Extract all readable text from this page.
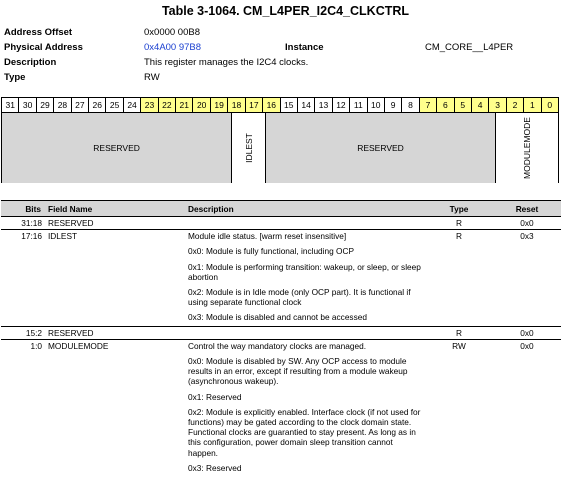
Table 3-1064. CM_L4PER_I2C4_CLKCTRL
Address Offset	0x0000 00B8
Physical Address	0x4A00 97B8	Instance	CM_CORE__L4PER
Description	This register manages the I2C4 clocks.
Type	RW
31 30 29 28 27 26 25 24 23 22 21 20 19 18 17 16 15 14 13 12 11 10	9	8	7	6	5	4	3	2	1	0
RESERVED	IDLEST	RESERVED	MODULEMODE
Bits	Field Name	Description	Type	Reset
31:18	RESERVED		R	0x0
17:16	IDLEST	Module idle status. [warm reset insensitive]

0x0: Module is fully functional, including OCP

0x1: Module is performing transition: wakeup, or sleep, or sleep abortion

0x2: Module is in Idle mode (only OCP part). It is functional if using separate functional clock

0x3: Module is disabled and cannot be accessed	R	0x3
15:2	RESERVED		R	0x0
1:0	MODULEMODE	Control the way mandatory clocks are managed.

0x0: Module is disabled by SW. Any OCP access to module results in an error, except if resulting from a module wakeup (asynchronous wakeup).

0x1: Reserved

0x2: Module is explicitly enabled. Interface clock (if not used for functions) may be gated according to the clock domain state. Functional clocks are guarantied to stay present. As long as in this configuration, power domain sleep transition cannot happen.

0x3: Reserved	RW	0x0
